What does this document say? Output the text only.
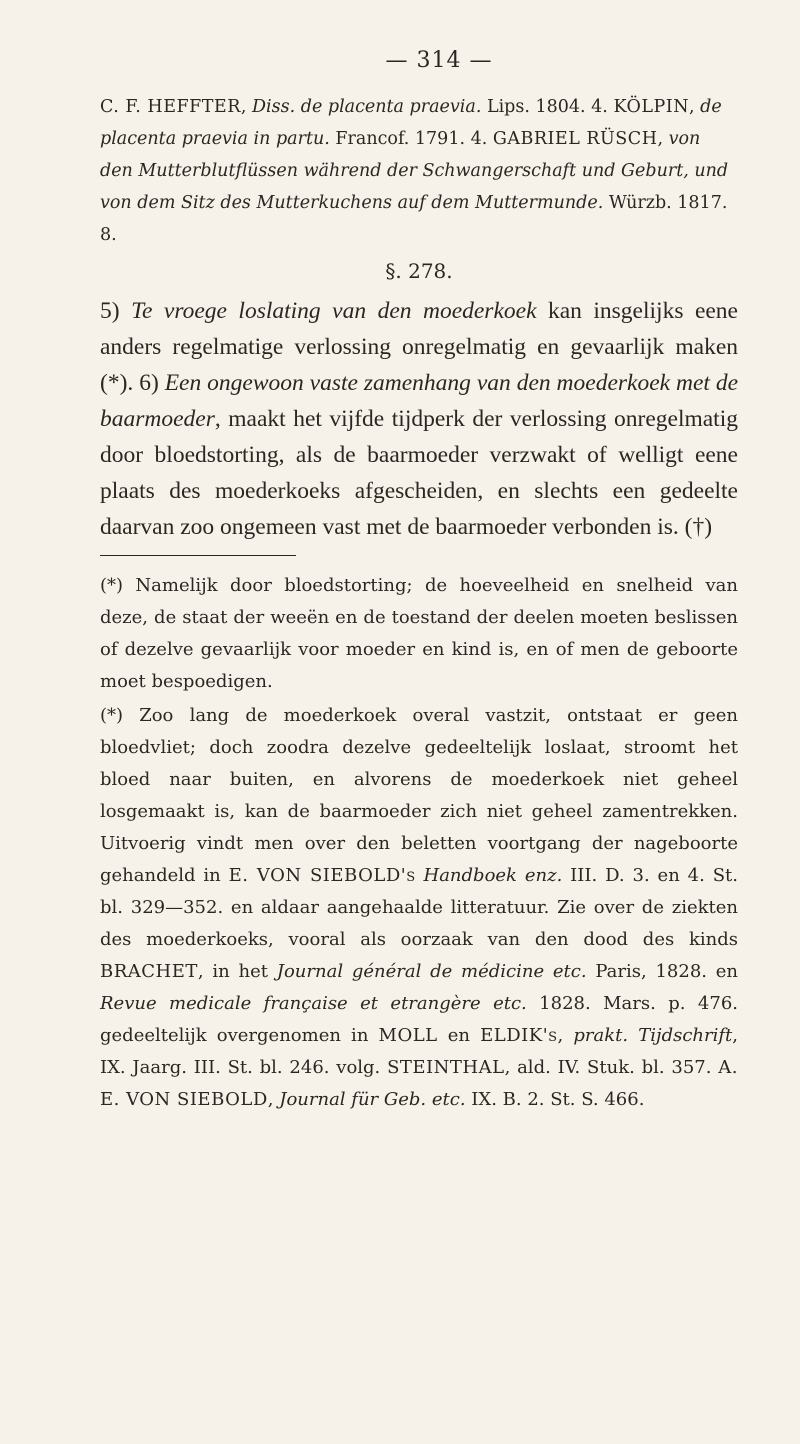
— 314 —
C. F. HEFFTER, Diss. de placenta praevia. Lips. 1804. 4. KÖLPIN, de placenta praevia in partu. Francof. 1791. 4. GABRIEL RÜSCH, von den Mutterblutflüssen während der Schwangerschaft und Geburt, und von dem Sitz des Mutterkuchens auf dem Muttermunde. Würzb. 1817. 8.
§. 278.

5) Te vroege loslating van den moederkoek kan insgelijks eene anders regelmatige verlossing onregelmatig en gevaarlijk maken (*). 6) Een ongewoon vaste zamenhang van den moederkoek met de baarmoeder, maakt het vijfde tijdperk der verlossing onregelmatig door bloedstorting, als de baarmoeder verzwakt of welligt eene plaats des moederkoeks afgescheiden, en slechts een gedeelte daarvan zoo ongemeen vast met de baarmoeder verbonden is. (†)

(*) Namelijk door bloedstorting; de hoeveelheid en snelheid van deze, de staat der weeën en de toestand der deelen moeten beslissen of dezelve gevaarlijk voor moeder en kind is, en of men de geboorte moet bespoedigen.

(*) Zoo lang de moederkoek overal vastzit, ontstaat er geen bloedvliet; doch zoodra dezelve gedeeltelijk loslaat, stroomt het bloed naar buiten, en alvorens de moederkoek niet geheel losgemaakt is, kan de baarmoeder zich niet geheel zamentrekken. Uitvoerig vindt men over den beletten voortgang der nageboorte gehandeld in E. VON SIEBOLD's Handboek enz. III. D. 3. en 4. St. bl. 329—352. en aldaar aangehaalde litteratuur. Zie over de ziekten des moederkoeks, vooral als oorzaak van den dood des kinds BRACHET, in het Journal général de médicine etc. Paris, 1828. en Revue medicale française et etrangère etc. 1828. Mars. p. 476. gedeeltelijk overgenomen in MOLL en ELDIK's, prakt. Tijdschrift, IX. Jaarg. III. St. bl. 246. volg. STEINTHAL, ald. IV. Stuk. bl. 357. A. E. VON SIEBOLD, Journal für Geb. etc. IX. B. 2. St. S. 466.
